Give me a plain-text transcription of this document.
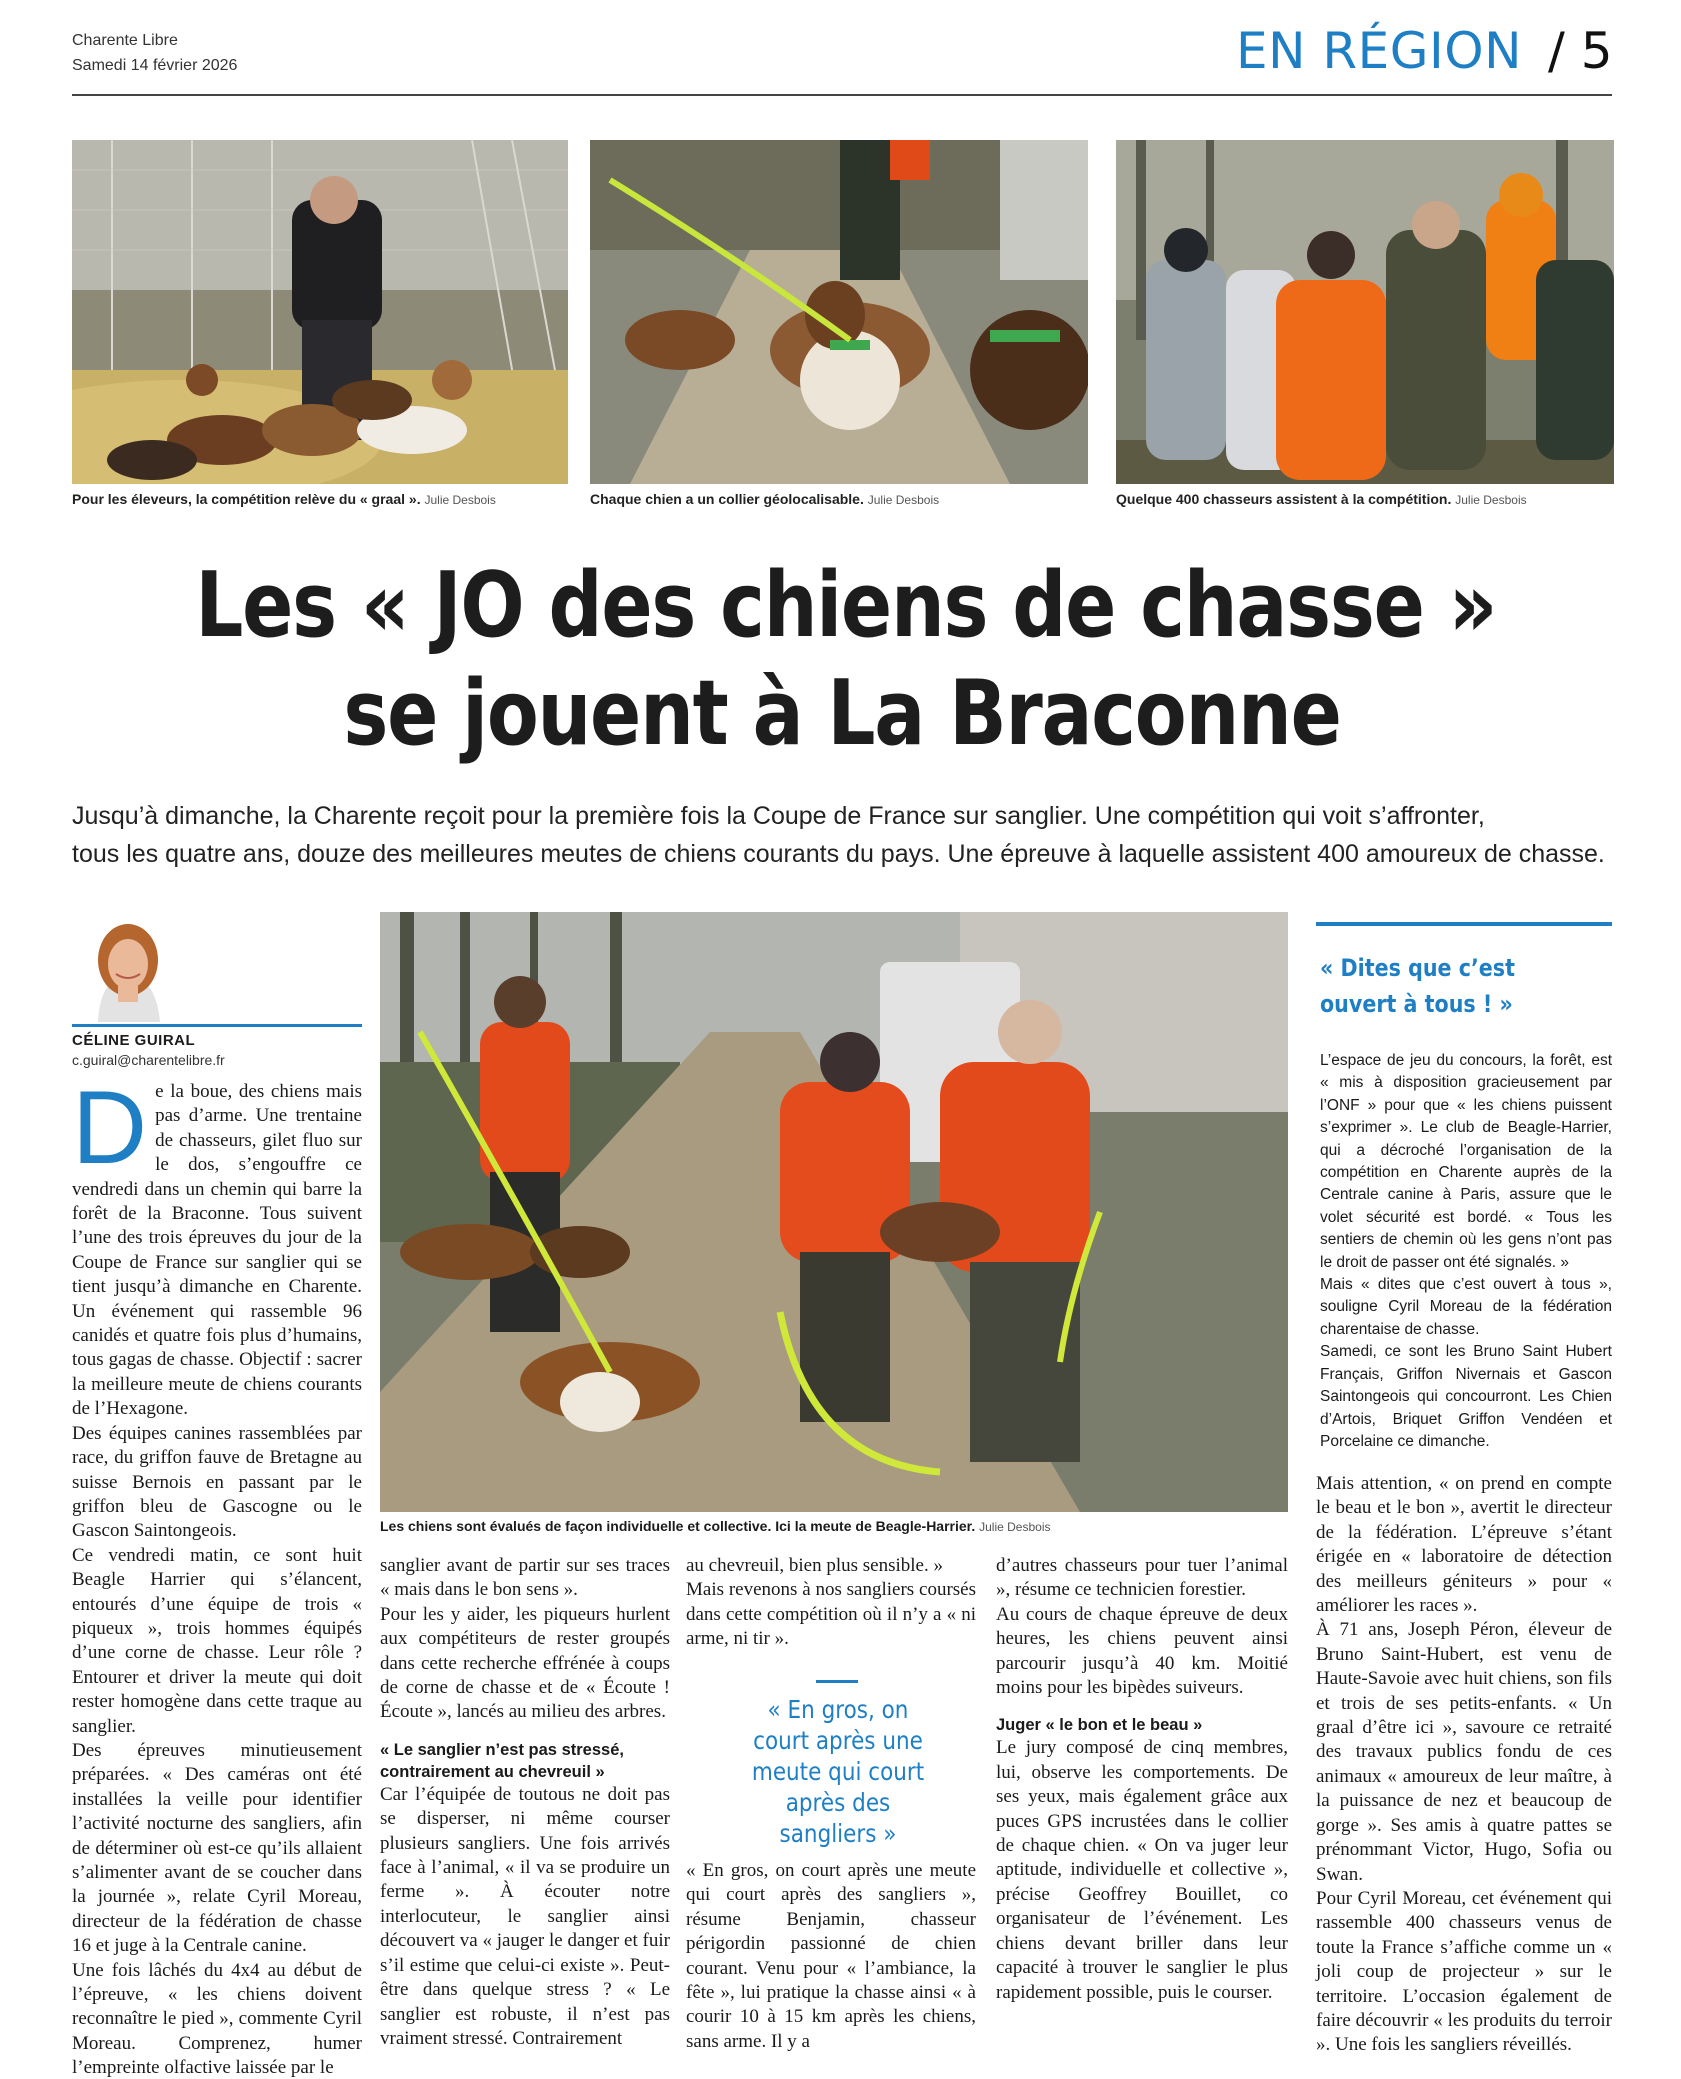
Charente Libre
Samedi 14 février 2026	EN RÉGION / 5
Pour les éleveurs, la compétition relève du « graal ». Julie Desbois	Chaque chien a un collier géolocalisable. Julie Desbois	Quelque 400 chasseurs assistent à la compétition. Julie Desbois
Les « JO des chiens de chasse »
se jouent à La Braconne
Jusqu’à dimanche, la Charente reçoit pour la première fois la Coupe de France sur sanglier. Une compétition qui voit s’affronter,
tous les quatre ans, douze des meilleures meutes de chiens courants du pays. Une épreuve à laquelle assistent 400 amoureux de chasse.
CÉLINE GUIRAL
c.guiral@charentelibre.fr
Les chiens sont évalués de façon individuelle et collective. Ici la meute de Beagle-Harrier. Julie Desbois

De la boue, des chiens mais pas d’arme. Une trentaine de chasseurs, gilet fluo sur le dos, s’engouffre ce vendredi dans un chemin qui barre la forêt de la Braconne. Tous suivent l’une des trois épreuves du jour de la Coupe de France sur sanglier qui se tient jusqu’à dimanche en Charente. Un événement qui rassemble 96 canidés et quatre fois plus d’humains, tous gagas de chasse. Objectif : sacrer la meilleure meute de chiens courants de l’Hexagone.

Des équipes canines rassemblées par race, du griffon fauve de Bretagne au suisse Bernois en passant par le griffon bleu de Gascogne ou le Gascon Saintongeois.

Ce vendredi matin, ce sont huit Beagle Harrier qui s’élancent, entourés d’une équipe de trois « piqueux », trois hommes équipés d’une corne de chasse. Leur rôle ? Entourer et driver la meute qui doit rester homogène dans cette traque au sanglier.

Des épreuves minutieusement préparées. « Des caméras ont été installées la veille pour identifier l’activité nocturne des sangliers, afin de déterminer où est-ce qu’ils allaient s’alimenter avant de se coucher dans la journée », relate Cyril Moreau, directeur de la fédération de chasse 16 et juge à la Centrale canine.

Une fois lâchés du 4x4 au début de l’épreuve, « les chiens doivent reconnaître le pied », commente Cyril Moreau. Comprenez, humer l’empreinte olfactive laissée par le

sanglier avant de partir sur ses traces « mais dans le bon sens ».

Pour les y aider, les piqueurs hurlent aux compétiteurs de rester groupés dans cette recherche effrénée à coups de corne de chasse et de « Écoute ! Écoute », lancés au milieu des arbres.

« Le sanglier n’est pas stressé, contrairement au chevreuil »

Car l’équipée de toutous ne doit pas se disperser, ni même courser plusieurs sangliers. Une fois arrivés face à l’animal, « il va se produire un ferme ». À écouter notre interlocuteur, le sanglier ainsi découvert va « jauger le danger et fuir s’il estime que celui-ci existe ». Peut-être dans quelque stress ? « Le sanglier est robuste, il n’est pas vraiment stressé. Contrairement

au chevreuil, bien plus sensible. »

Mais revenons à nos sangliers coursés dans cette compétition où il n’y a « ni arme, ni tir ».

« En gros, on court après une meute qui court après des sangliers »

« En gros, on court après une meute qui court après des sangliers », résume Benjamin, chasseur périgordin passionné de chien courant. Venu pour « l’ambiance, la fête », lui pratique la chasse ainsi « à courir 10 à 15 km après les chiens, sans arme. Il y a

d’autres chasseurs pour tuer l’animal », résume ce technicien forestier.

Au cours de chaque épreuve de deux heures, les chiens peuvent ainsi parcourir jusqu’à 40 km. Moitié moins pour les bipèdes suiveurs.

Juger « le bon et le beau »

Le jury composé de cinq membres, lui, observe les comportements. De ses yeux, mais également grâce aux puces GPS incrustées dans le collier de chaque chien. « On va juger leur aptitude, individuelle et collective », précise Geoffrey Bouillet, co organisateur de l’événement. Les chiens devant briller dans leur capacité à trouver le sanglier le plus rapidement possible, puis le courser.

« Dites que c’est ouvert à tous ! »

L’espace de jeu du concours, la forêt, est « mis à disposition gracieusement par l’ONF » pour que « les chiens puissent s’exprimer ». Le club de Beagle-Harrier, qui a décroché l’organisation de la compétition en Charente auprès de la Centrale canine à Paris, assure que le volet sécurité est bordé. « Tous les sentiers de chemin où les gens n’ont pas le droit de passer ont été signalés. »

Mais « dites que c’est ouvert à tous », souligne Cyril Moreau de la fédération charentaise de chasse.

Samedi, ce sont les Bruno Saint Hubert Français, Griffon Nivernais et Gascon Saintongeois qui concourront. Les Chien d’Artois, Briquet Griffon Vendéen et Porcelaine ce dimanche.

Mais attention, « on prend en compte le beau et le bon », avertit le directeur de la fédération. L’épreuve s’étant érigée en « laboratoire de détection des meilleurs géniteurs » pour « améliorer les races ».

À 71 ans, Joseph Péron, éleveur de Bruno Saint-Hubert, est venu de Haute-Savoie avec huit chiens, son fils et trois de ses petits-enfants. « Un graal d’être ici », savoure ce retraité des travaux publics fondu de ces animaux « amoureux de leur maître, à la puissance de nez et beaucoup de gorge ». Ses amis à quatre pattes se prénommant Victor, Hugo, Sofia ou Swan.

Pour Cyril Moreau, cet événement qui rassemble 400 chasseurs venus de toute la France s’affiche comme un « joli coup de projecteur » sur le territoire. L’occasion également de faire découvrir « les produits du terroir ». Une fois les sangliers réveillés.
